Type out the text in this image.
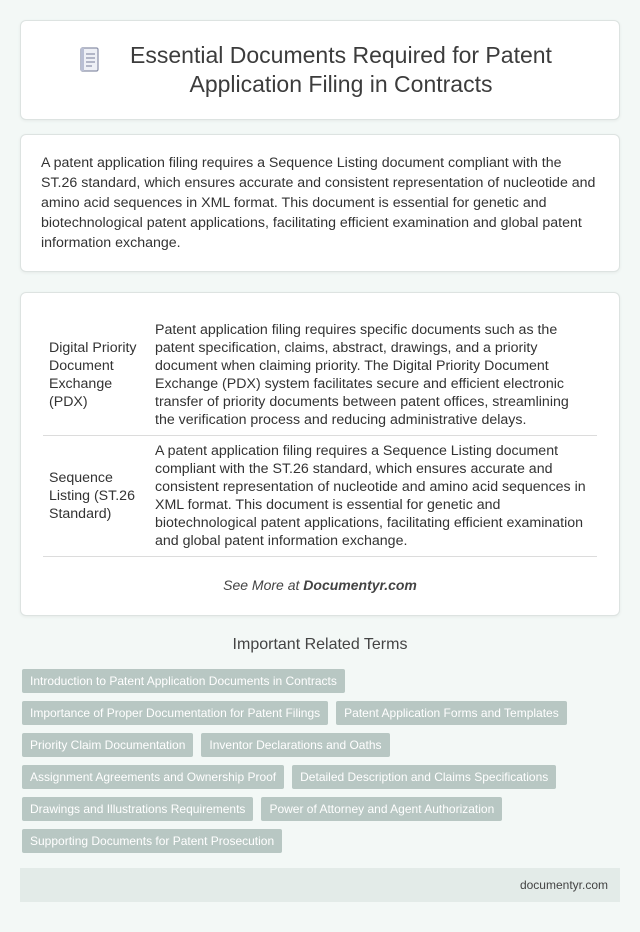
Essential Documents Required for Patent Application Filing in Contracts

A patent application filing requires a Sequence Listing document compliant with the ST.26 standard, which ensures accurate and consistent representation of nucleotide and amino acid sequences in XML format. This document is essential for genetic and biotechnological patent applications, facilitating efficient examination and global patent information exchange.

Digital Priority Document Exchange (PDX)	Patent application filing requires specific documents such as the patent specification, claims, abstract, drawings, and a priority document when claiming priority. The Digital Priority Document Exchange (PDX) system facilitates secure and efficient electronic transfer of priority documents between patent offices, streamlining the verification process and reducing administrative delays.
Sequence Listing (ST.26 Standard)	A patent application filing requires a Sequence Listing document compliant with the ST.26 standard, which ensures accurate and consistent representation of nucleotide and amino acid sequences in XML format. This document is essential for genetic and biotechnological patent applications, facilitating efficient examination and global patent information exchange.
See More at Documentyr.com
Important Related Terms
Introduction to Patent Application Documents in Contracts
Importance of Proper Documentation for Patent Filings	Patent Application Forms and Templates
Priority Claim Documentation	Inventor Declarations and Oaths
Assignment Agreements and Ownership Proof	Detailed Description and Claims Specifications
Drawings and Illustrations Requirements	Power of Attorney and Agent Authorization
Supporting Documents for Patent Prosecution
documentyr.com
